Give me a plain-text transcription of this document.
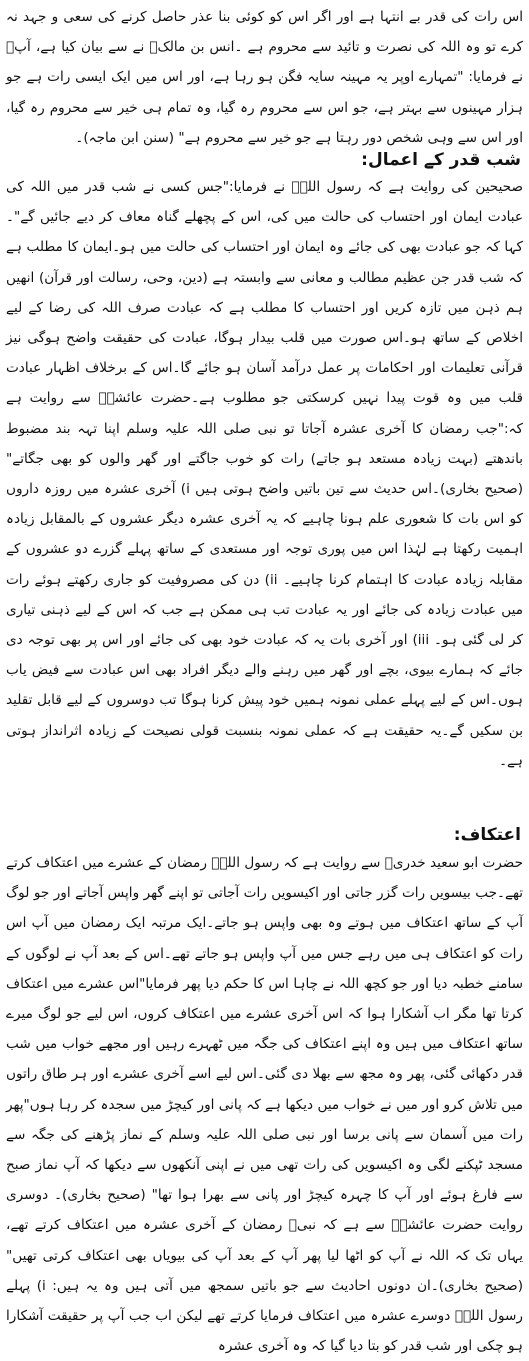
اس رات کی قدر بے انتہا ہے اور اگر اس کو کوئی بنا عذر حاصل کرنے کی سعی و جہد نہ کرے تو وہ اللہ کی نصرت و تائید سے محروم ہے ۔انس بن مالکؓ نے سے بیان کیا ہے، آپؐ نے فرمایا: "تمہارے اوپر یہ مہینہ سایہ فگن ہو رہا ہے، اور اس میں ایک ایسی رات ہے جو ہزار مہینوں سے بہتر ہے، جو اس سے محروم رہ گیا، وہ تمام ہی خیر سے محروم رہ گیا، اور اس سے وہی شخص دور رہتا ہے جو خیر سے محروم ہے" (سنن ابن ماجہ)۔

شب قدر کے اعمال:

صحیحین کی روایت ہے کہ رسول اللہؐ نے فرمایا:"جس کسی نے شب قدر میں اللہ کی عبادت ایمان اور احتساب کی حالت میں کی، اس کے پچھلے گناہ معاف کر دیے جائیں گے"۔ کہا کہ جو عبادت بھی کی جائے وہ ایمان اور احتساب کی حالت میں ہو۔ایمان کا مطلب ہے کہ شب قدر جن عظیم مطالب و معانی سے وابستہ ہے (دین، وحی، رسالت اور قرآن) انھیں ہم ذہن میں تازہ کریں اور احتساب کا مطلب ہے کہ عبادت صرف اللہ کی رضا کے لیے اخلاص کے ساتھ ہو۔اس صورت میں قلب بیدار ہوگا، عبادت کی حقیقت واضح ہوگی نیز قرآنی تعلیمات اور احکامات پر عمل درآمد آسان ہو جائے گا۔اس کے برخلاف اظہار عبادت قلب میں وہ قوت پیدا نہیں کرسکتی جو مطلوب ہے۔حضرت عائشہؓ سے روایت ہے کہ:"جب رمضان کا آخری عشرہ آجاتا تو نبی صلی اللہ علیہ وسلم اپنا تہہ بند مضبوط باندھتے (بہت زیادہ مستعد ہو جاتے) رات کو خوب جاگتے اور گھر والوں کو بھی جگاتے" (صحیح بخاری)۔اس حدیث سے تین باتیں واضح ہوتی ہیں i) آخری عشرہ میں روزہ داروں کو اس بات کا شعوری علم ہونا چاہیے کہ یہ آخری عشرہ دیگر عشروں کے بالمقابل زیادہ اہمیت رکھتا ہے لہٰذا اس میں پوری توجہ اور مستعدی کے ساتھ پہلے گزرے دو عشروں کے مقابلہ زیادہ عبادت کا اہتمام کرنا چاہیے۔ ii) دن کی مصروفیت کو جاری رکھتے ہوئے رات میں عبادت زیادہ کی جائے اور یہ عبادت تب ہی ممکن ہے جب کہ اس کے لیے ذہنی تیاری کر لی گئی ہو۔ iii) اور آخری بات یہ کہ عبادت خود بھی کی جائے اور اس پر بھی توجہ دی جائے کہ ہمارے بیوی، بچے اور گھر میں رہنے والے دیگر افراد بھی اس عبادت سے فیض یاب ہوں۔اس کے لیے پہلے عملی نمونہ ہمیں خود پیش کرنا ہوگا تب دوسروں کے لیے قابل تقلید بن سکیں گے۔یہ حقیقت ہے کہ عملی نمونہ بنسبت قولی نصیحت کے زیادہ اثرانداز ہوتی ہے۔

اعتکاف:

حضرت ابو سعید خدریؓ سے روایت ہے کہ رسول اللہؐ رمضان کے عشرے میں اعتکاف کرتے تھے۔جب بیسویں رات گزر جاتی اور اکیسویں رات آجاتی تو اپنے گھر واپس آجاتے اور جو لوگ آپ کے ساتھ اعتکاف میں ہوتے وہ بھی واپس ہو جاتے۔ایک مرتبہ ایک رمضان میں آپ اس رات کو اعتکاف ہی میں رہے جس میں آپ واپس ہو جاتے تھے۔اس کے بعد آپ نے لوگوں کے سامنے خطبہ دیا اور جو کچھ اللہ نے چاہا اس کا حکم دیا پھر فرمایا"اس عشرے میں اعتکاف کرتا تھا مگر اب آشکارا ہوا کہ اس آخری عشرے میں اعتکاف کروں، اس لیے جو لوگ میرے ساتھ اعتکاف میں ہیں وہ اپنے اعتکاف کی جگہ میں ٹھہرے رہیں اور مجھے خواب میں شب قدر دکھائی گئی، پھر وہ مجھ سے بھلا دی گئی۔اس لیے اسے آخری عشرے اور ہر طاق راتوں میں تلاش کرو اور میں نے خواب میں دیکھا ہے کہ پانی اور کیچڑ میں سجدہ کر رہا ہوں"پھر رات میں آسمان سے پانی برسا اور نبی صلی اللہ علیہ وسلم کے نماز پڑھنے کی جگہ سے مسجد ٹپکنے لگی وہ اکیسویں کی رات تھی میں نے اپنی آنکھوں سے دیکھا کہ آپ نماز صبح سے فارغ ہوئے اور آپ کا چہرہ کیچڑ اور پانی سے بھرا ہوا تھا" (صحیح بخاری)۔ دوسری روایت حضرت عائشہؓ سے ہے کہ نبیؐ رمضان کے آخری عشرہ میں اعتکاف کرتے تھے، یہاں تک کہ اللہ نے آپ کو اٹھا لیا پھر آپ کے بعد آپ کی بیویاں بھی اعتکاف کرتی تھیں"(صحیح بخاری)۔ان دونوں احادیث سے جو باتیں سمجھ میں آتی ہیں وہ یہ ہیں: i) پہلے رسول اللہؐ دوسرے عشرہ میں اعتکاف فرمایا کرتے تھے لیکن اب جب آپ پر حقیقت آشکارا ہو چکی اور شب قدر کو بتا دیا گیا کہ وہ آخری عشرہ
